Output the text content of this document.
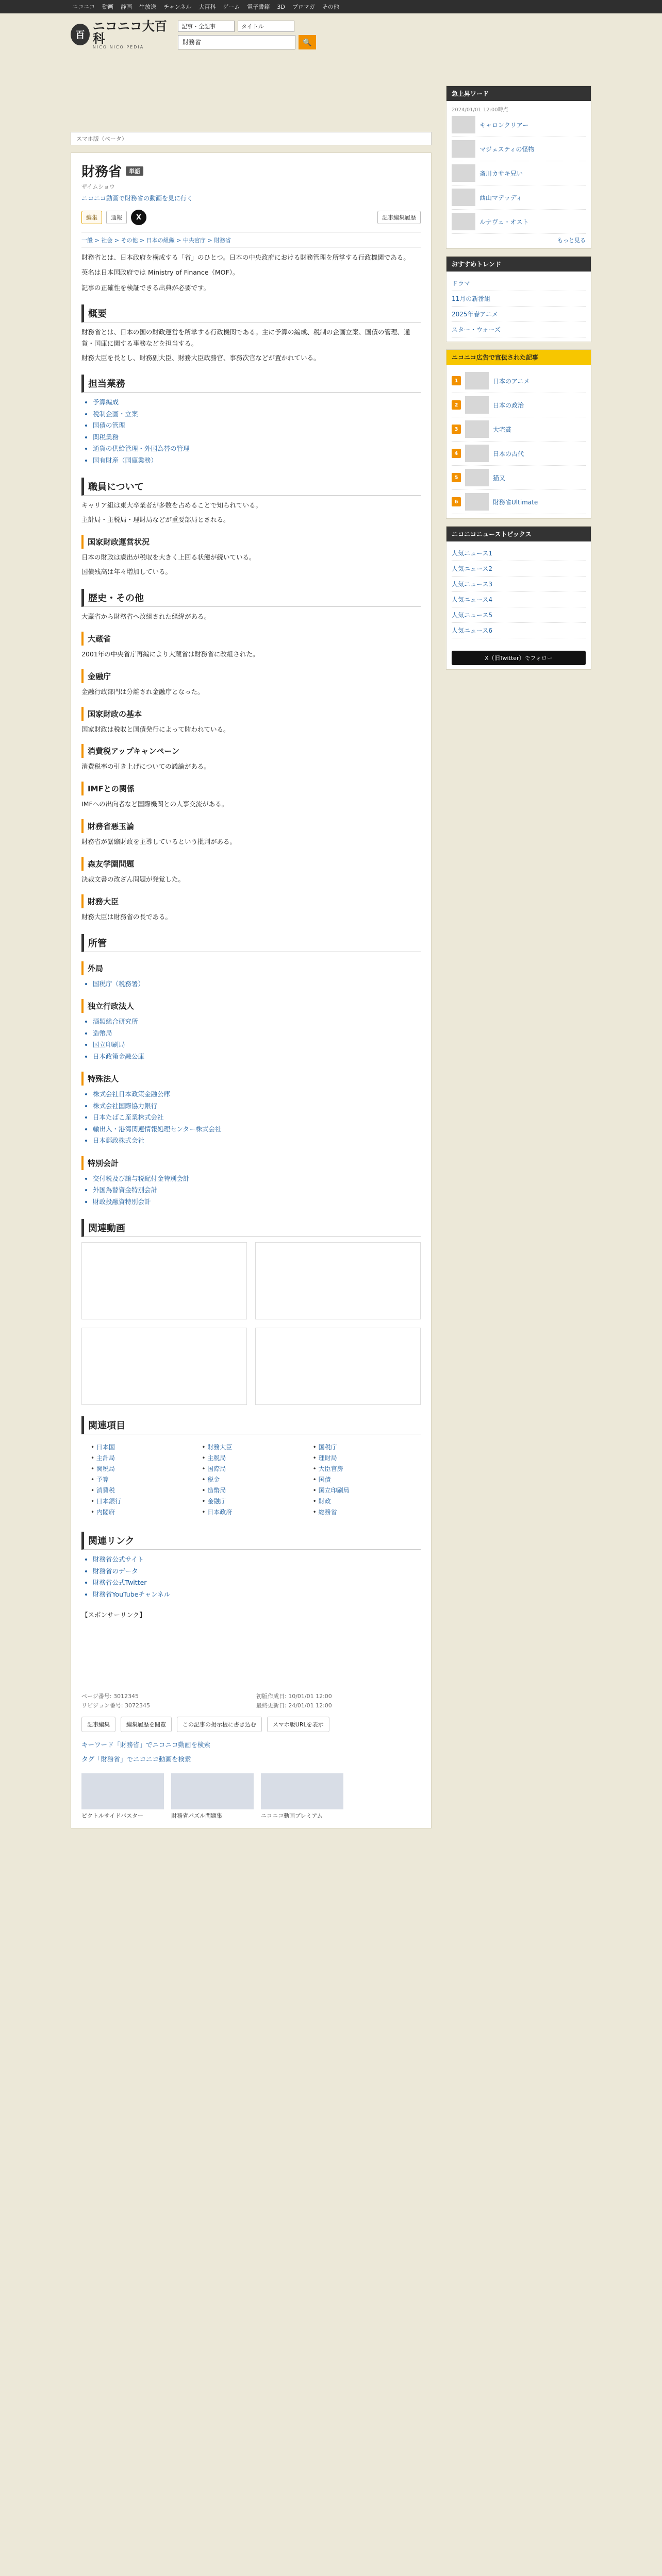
ニコニコ 動画 静画 生放送 チャンネル 大百科 ゲーム 電子書籍 3D ブロマガ その他
百
ニコニコ大百科
NICO NICO PEDIA
記事・全記事	タイトル
財務省	🔍
スマホ版（ベータ）
財務省	単語
ザイムショウ
ニコニコ動画で財務省の動画を見に行く
編集	通報	X	記事編集履歴
一般 > 社会 > その他 > 日本の組織 > 中央官庁 > 財務省

財務省とは、日本政府を構成する「省」のひとつ。日本の中央政府における財務管理を所掌する行政機関である。

英名は日本国政府では Ministry of Finance（MOF）。

記事の正確性を検証できる出典が必要です。

概要
財務省とは、日本の国の財政運営を所掌する行政機関である。主に予算の編成、税制の企画立案、国債の管理、通貨・国庫に関する事務などを担当する。
財務大臣を長とし、財務副大臣、財務大臣政務官、事務次官などが置かれている。
担当業務
• 予算編成
• 税制企画・立案
• 国債の管理
• 関税業務
• 通貨の供給管理・外国為替の管理
• 国有財産（国庫業務）
職員について
キャリア組は東大卒業者が多数を占めることで知られている。
主計局・主税局・理財局などが重要部局とされる。
国家財政運営状況
日本の財政は歳出が税収を大きく上回る状態が続いている。
国債残高は年々増加している。
歴史・その他
大蔵省から財務省へ改組された経緯がある。
大蔵省
2001年の中央省庁再編により大蔵省は財務省に改組された。
金融庁
金融行政部門は分離され金融庁となった。
国家財政の基本
国家財政は税収と国債発行によって賄われている。
消費税アップキャンペーン
消費税率の引き上げについての議論がある。
IMFとの関係
IMFへの出向者など国際機関との人事交流がある。
財務省悪玉論
財務省が緊縮財政を主導しているという批判がある。
森友学園問題
決裁文書の改ざん問題が発覚した。
財務大臣
財務大臣は財務省の長である。
所管
外局
• 国税庁（税務署）
独立行政法人
• 酒類総合研究所
• 造幣局
• 国立印刷局
• 日本政策金融公庫
特殊法人
• 株式会社日本政策金融公庫
• 株式会社国際協力銀行
• 日本たばこ産業株式会社
• 輸出入・港湾関連情報処理センター株式会社
• 日本郵政株式会社
特別会計
• 交付税及び譲与税配付金特別会計
• 外国為替資金特別会計
• 財政投融資特別会計
関連動画
関連項目
• 日本国	• 財務大臣	• 国税庁
• 主計局	• 主税局	• 理財局
• 関税局	• 国際局	• 大臣官房
• 予算	• 税金	• 国債
• 消費税	• 造幣局	• 国立印刷局
• 日本銀行	• 金融庁	• 財政
• 内閣府	• 日本政府	• 総務省
関連リンク
• 財務省公式サイト
• 財務省のデータ
• 財務省公式Twitter
• 財務省YouTubeチャンネル
【スポンサーリンク】
ページ番号: 3012345	初版作成日: 10/01/01 12:00
リビジョン番号: 3072345	最終更新日: 24/01/01 12:00
記事編集	編集履歴を閲覧	この記事の掲示板に書き込む	スマホ版URLを表示
キーワード「財務省」でニコニコ動画を検索
タグ「財務省」でニコニコ動画を検索
ピクトルサイドバスター	財務省パズル問題集	ニコニコ動画プレミアム
急上昇ワード
2024/01/01 12:00時点
キャロンクリアー
マジェスティの怪物
斎川カサキ兄い
西山マデッディ
ルナヴェ・オスト
もっと見る
おすすめトレンド
ドラマ
11月の新番組
2025年春アニメ
スター・ウォーズ
ニコニコ広告で宣伝された記事
1	日本のアニメ
2	日本の政治
3	大宅賞
4	日本の古代
5	猫又
6	財務省Ultimate
ニコニコニューストピックス
人気ニュース1
人気ニュース2
人気ニュース3
人気ニュース4
人気ニュース5
人気ニュース6
X（旧Twitter）でフォロー
